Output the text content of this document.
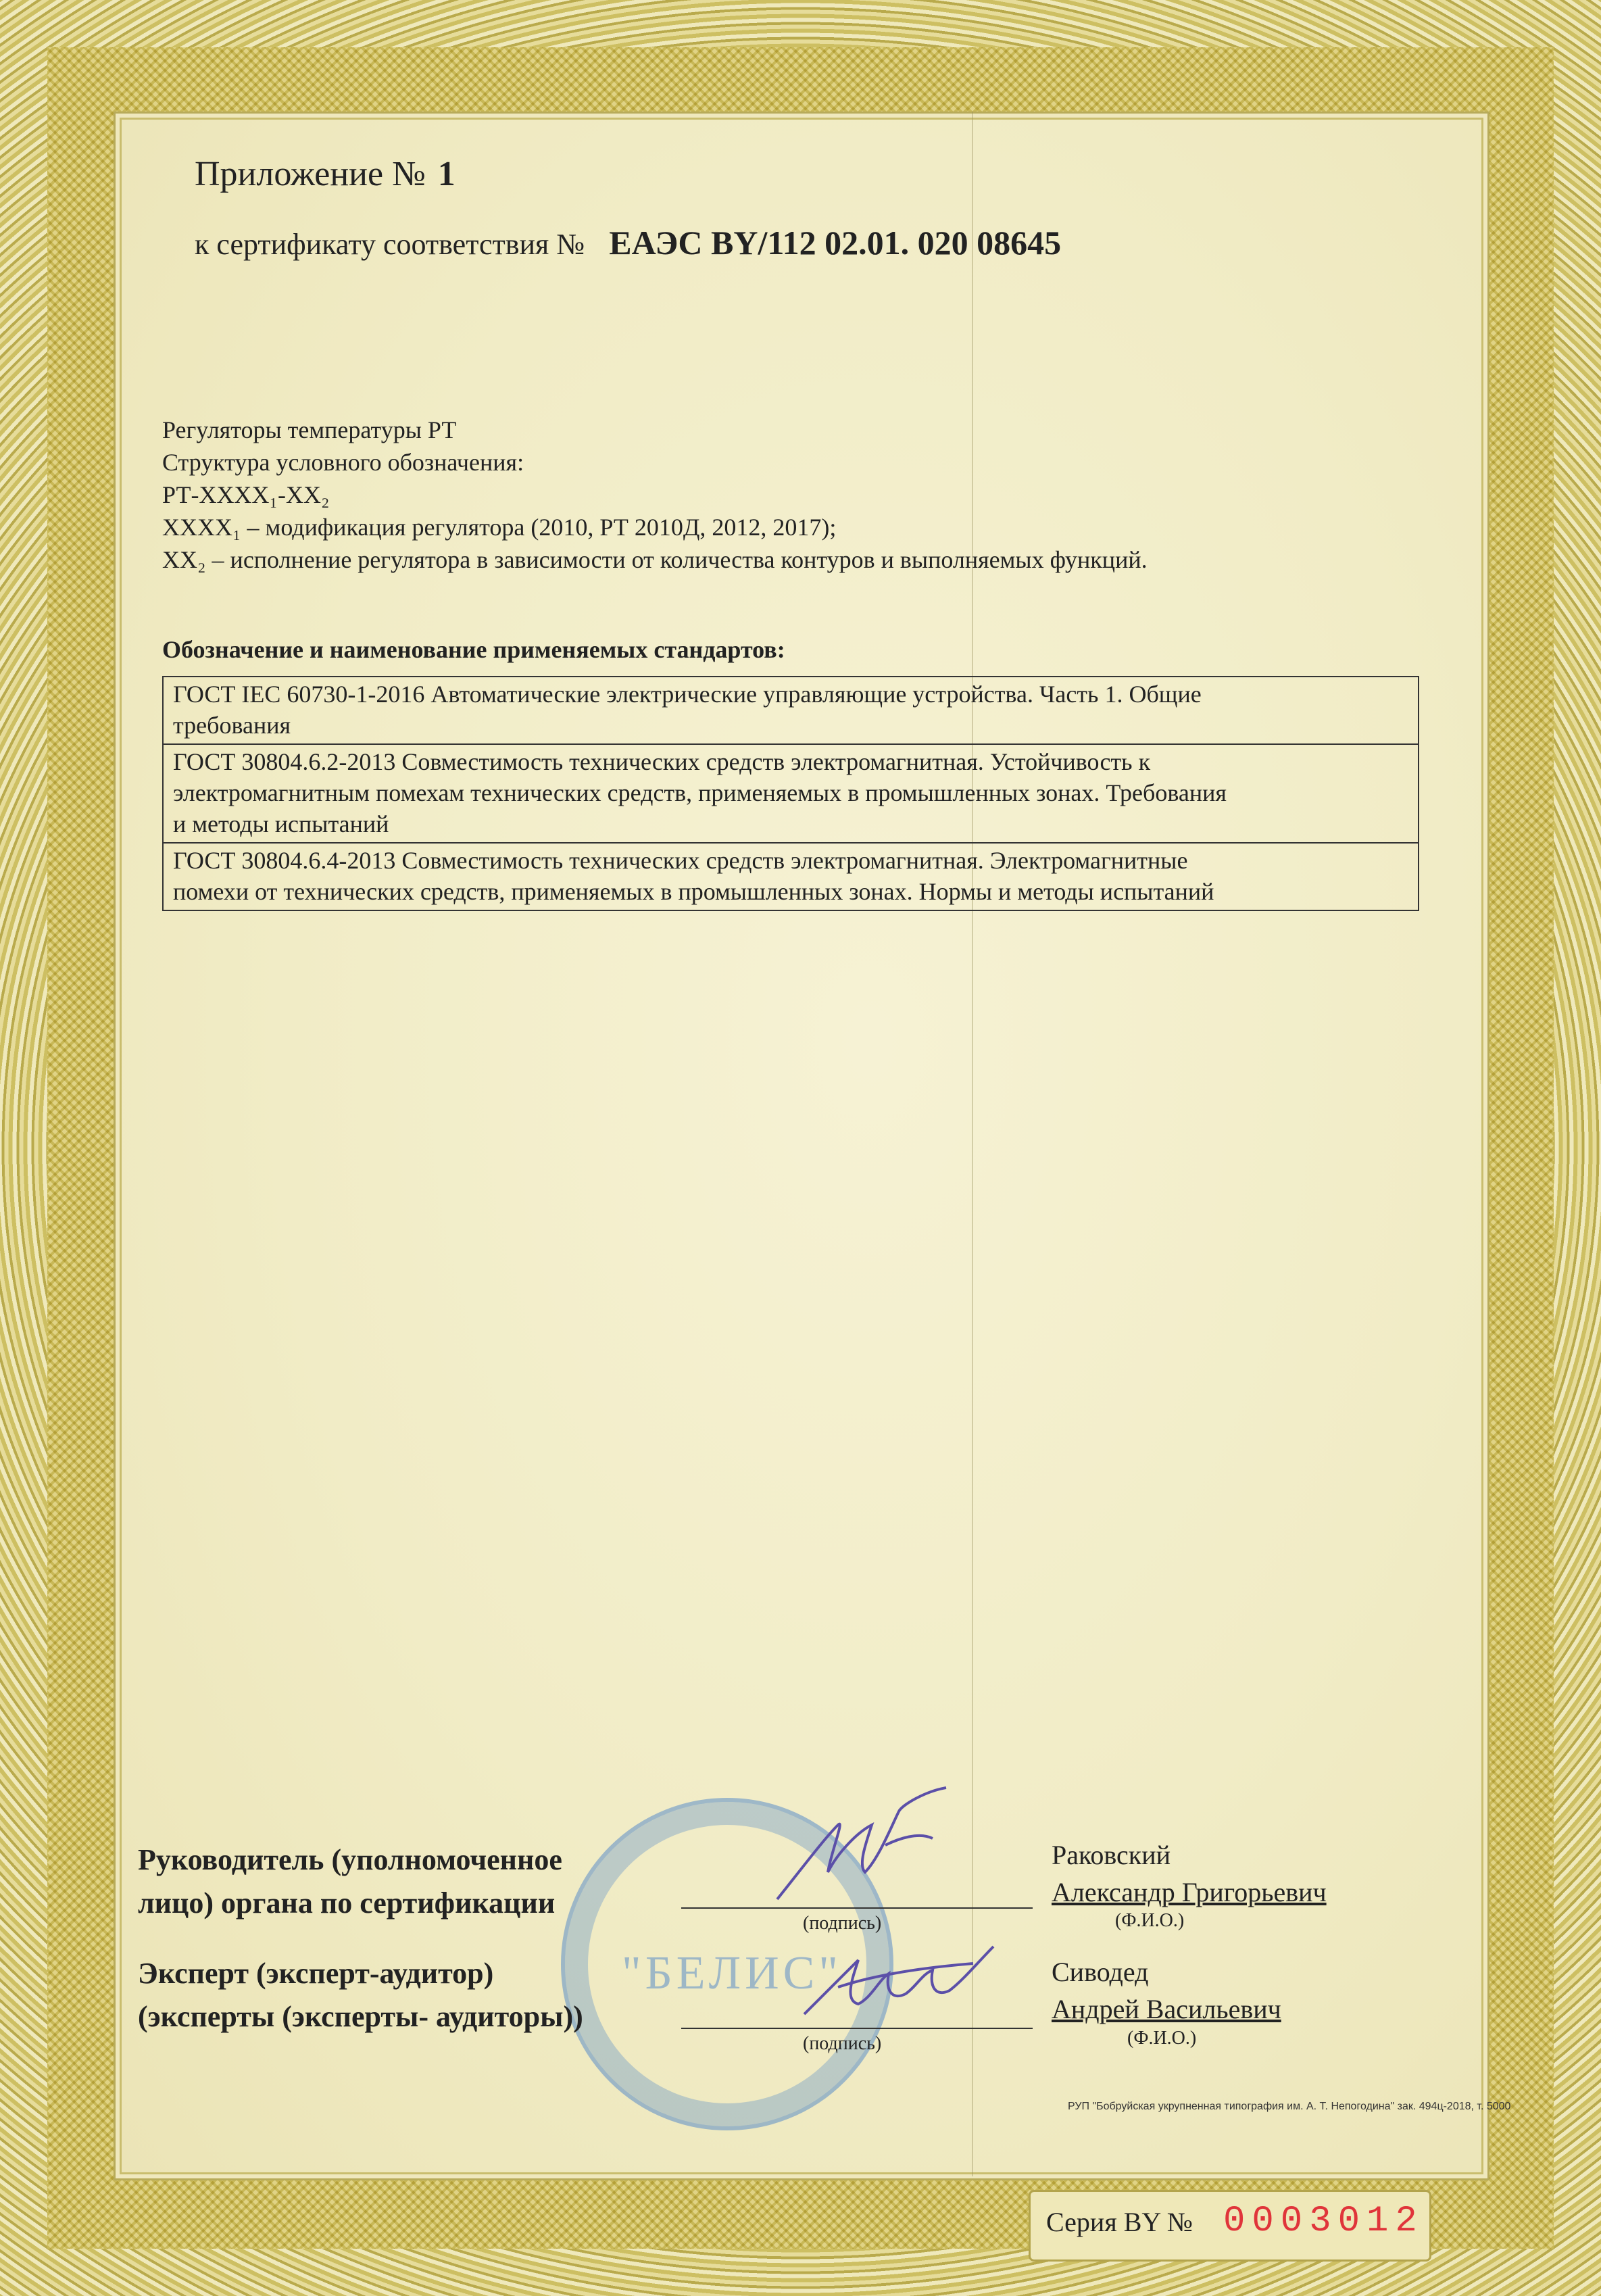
Приложение № 1
к сертификату соответствия № ЕАЭС BY/112 02.01. 020 08645
Регуляторы температуры РТ
Структура условного обозначения:
РТ-XXXX₁-XX₂
XXXX₁ – модификация регулятора (2010, РТ 2010Д, 2012, 2017);
XX₂ – исполнение регулятора в зависимости от количества контуров и выполняемых функций.
Обозначение и наименование применяемых стандартов:
ГОСТ IEC 60730-1-2016 Автоматические электрические управляющие устройства. Часть 1. Общие
требования

ГОСТ 30804.6.2-2013 Совместимость технических средств электромагнитная. Устойчивость к
электромагнитным помехам технических средств, применяемых в промышленных зонах. Требования
и методы испытаний

ГОСТ 30804.6.4-2013 Совместимость технических средств электромагнитная. Электромагнитные
помехи от технических средств, применяемых в промышленных зонах. Нормы и методы испытаний
"БЕЛИС"
Руководитель (уполномоченное
лицо) органа по сертификации
(подпись)
Раковский
Александр Григорьевич
(Ф.И.О.)
Эксперт (эксперт-аудитор)
(эксперты (эксперты- аудиторы))
(подпись)
Сиводед
Андрей Васильевич
(Ф.И.О.)
РУП "Бобруйская укрупненная типография им. А. Т. Непогодина" зак. 494ц-2018, т. 5000
Серия BY № 0003012
